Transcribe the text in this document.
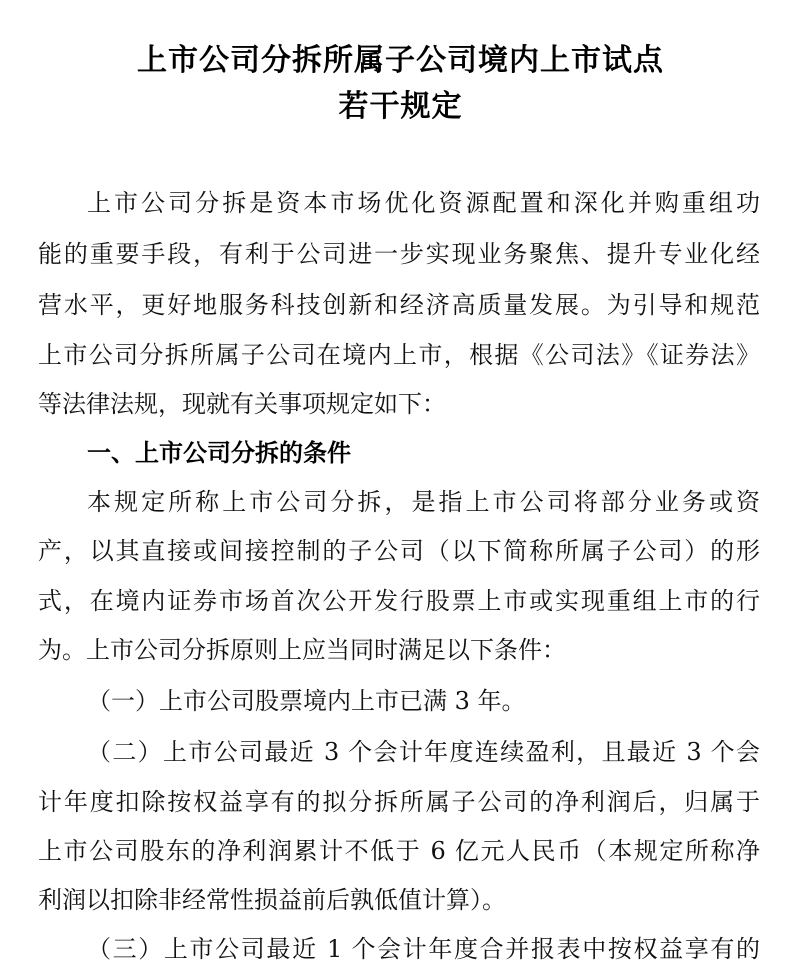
上市公司分拆所属子公司境内上市试点
若干规定

上市公司分拆是资本市场优化资源配置和深化并购重组功

能的重要手段，有利于公司进一步实现业务聚焦、提升专业化经

营水平，更好地服务科技创新和经济高质量发展。为引导和规范

上市公司分拆所属子公司在境内上市，根据《公司法》《证券法》

等法律法规，现就有关事项规定如下：

一、上市公司分拆的条件

本规定所称上市公司分拆，是指上市公司将部分业务或资

产，以其直接或间接控制的子公司（以下简称所属子公司）的形

式，在境内证券市场首次公开发行股票上市或实现重组上市的行

为。上市公司分拆原则上应当同时满足以下条件：

（一）上市公司股票境内上市已满 3 年。

（二）上市公司最近 3 个会计年度连续盈利，且最近 3 个会

计年度扣除按权益享有的拟分拆所属子公司的净利润后，归属于

上市公司股东的净利润累计不低于 6 亿元人民币（本规定所称净

利润以扣除非经常性损益前后孰低值计算）。

（三）上市公司最近 1 个会计年度合并报表中按权益享有的
